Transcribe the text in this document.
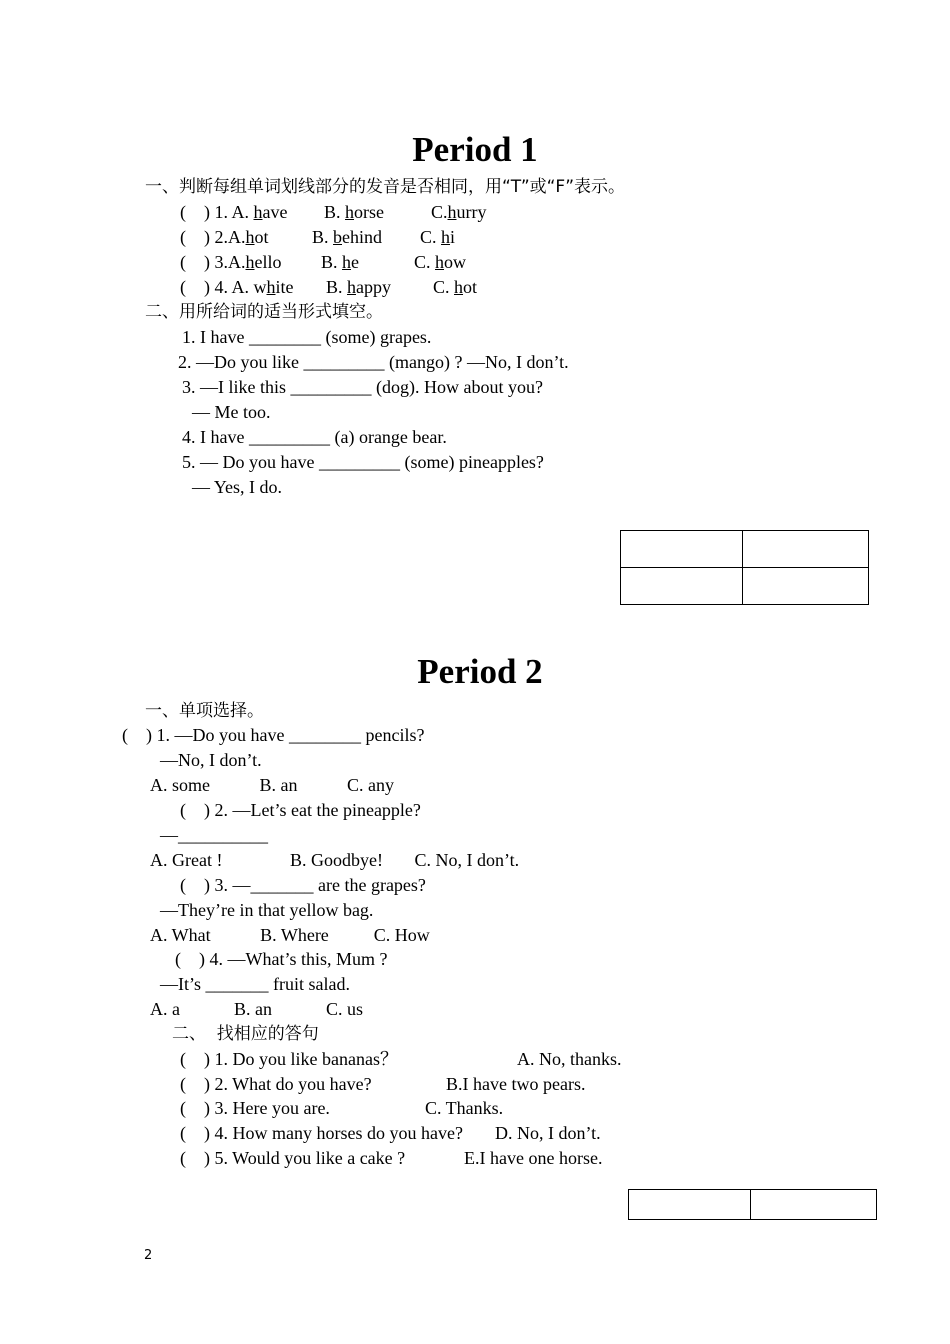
Period 1
一、判断每组单词划线部分的发音是否相同，用“T”或“F”表示。
(    ) 1. A. have B. horse	C.hurry
(    ) 2.A.hot B. behind C. hi
(    ) 3.A.hello B. he	C. how
(    ) 4. A. white B. happy C. hot
二、用所给词的适当形式填空。
1. I have ________ (some) grapes.
2. —Do you like _________ (mango) ? —No, I don’t.
3. —I like this _________ (dog). How about you?
— Me too.
4. I have _________ (a) orange bear.
5. — Do you have _________ (some) pineapples?
— Yes, I do.

Period 2
一、单项选择。
(    ) 1. —Do you have ________ pencils?
—No, I don’t.
A. some           B. an           C. any
(    ) 2. —Let’s eat the pineapple?
—__________
A. Great !               B. Goodbye!       C. No, I don’t.
(    ) 3. —_______ are the grapes?
—They’re in that yellow bag.
A. What           B. Where          C. How
(    ) 4. —What’s this, Mum ?
—It’s _______ fruit salad.
A. a            B. an            C. us
二、  找相应的答句
(    ) 1. Do you like bananas？	A. No, thanks.
(    ) 2. What do you have?	B.I have two pears.
(    ) 3. Here you are.	C. Thanks.
(    ) 4. How many horses do you have? D. No, I don’t.
(    ) 5. Would you like a cake ?	E.I have one horse.

2
